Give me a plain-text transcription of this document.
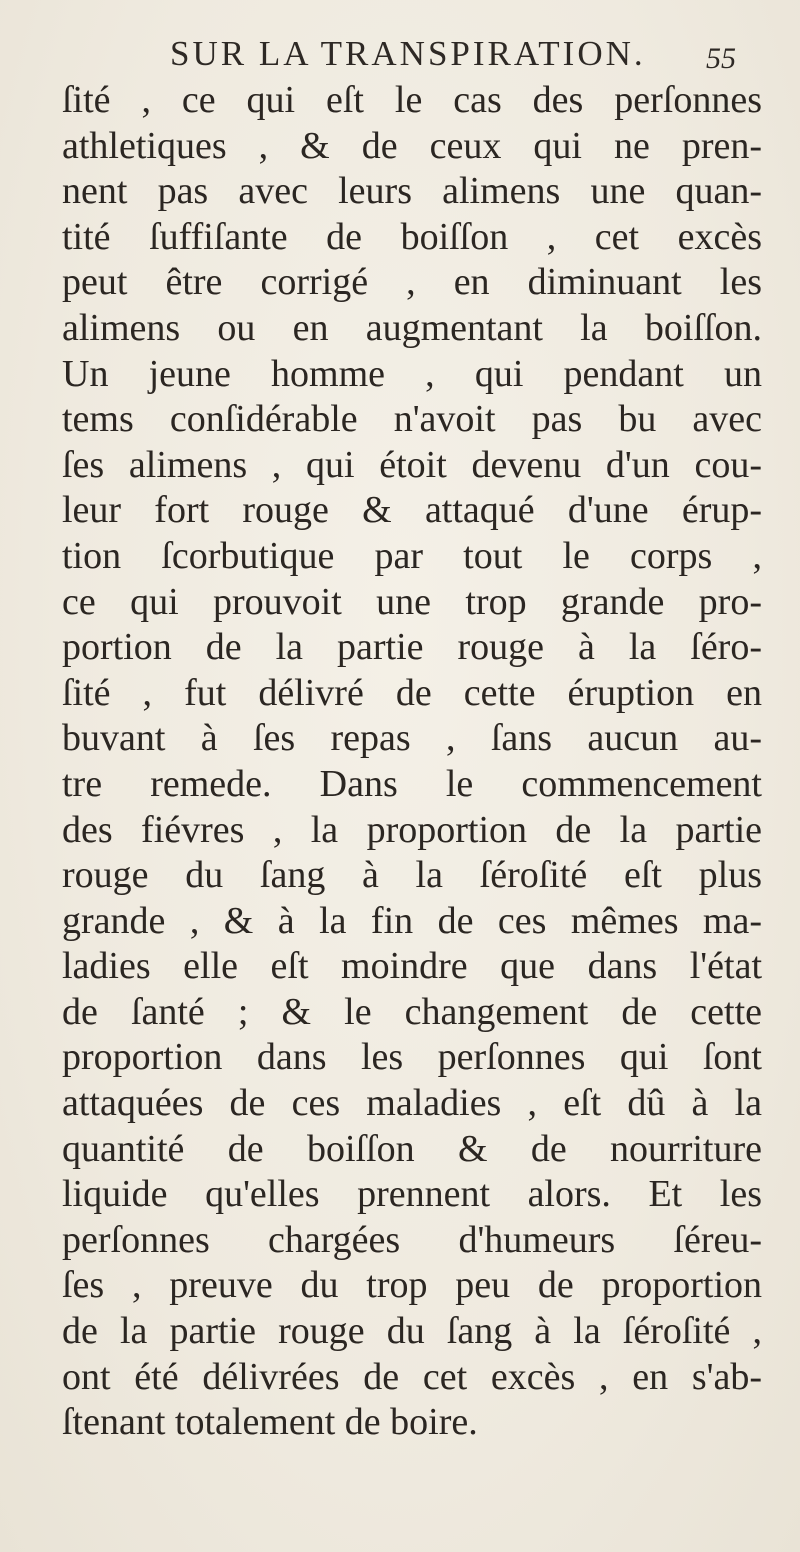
SUR LA TRANSPIRATION.	55
ſité , ce qui eſt le cas des perſonnes
athletiques , & de ceux qui ne pren-
nent pas avec leurs alimens une quan-
tité ſuffiſante de boiſſon , cet excès
peut être corrigé , en diminuant les
alimens ou en augmentant la boiſſon.
Un jeune homme , qui pendant un
tems conſidérable n'avoit pas bu avec
ſes alimens , qui étoit devenu d'un cou-
leur fort rouge & attaqué d'une érup-
tion ſcorbutique par tout le corps ,
ce qui prouvoit une trop grande pro-
portion de la partie rouge à la ſéro-
ſité , fut délivré de cette éruption en
buvant à ſes repas , ſans aucun au-
tre remede. Dans le commencement
des fiévres , la proportion de la partie
rouge du ſang à la ſéroſité eſt plus
grande , & à la fin de ces mêmes ma-
ladies elle eſt moindre que dans l'état
de ſanté ; & le changement de cette
proportion dans les perſonnes qui ſont
attaquées de ces maladies , eſt dû à la
quantité de boiſſon & de nourriture
liquide qu'elles prennent alors. Et les
perſonnes chargées d'humeurs ſéreu-
ſes , preuve du trop peu de proportion
de la partie rouge du ſang à la ſéroſité ,
ont été délivrées de cet excès , en s'ab-
ſtenant totalement de boire.
